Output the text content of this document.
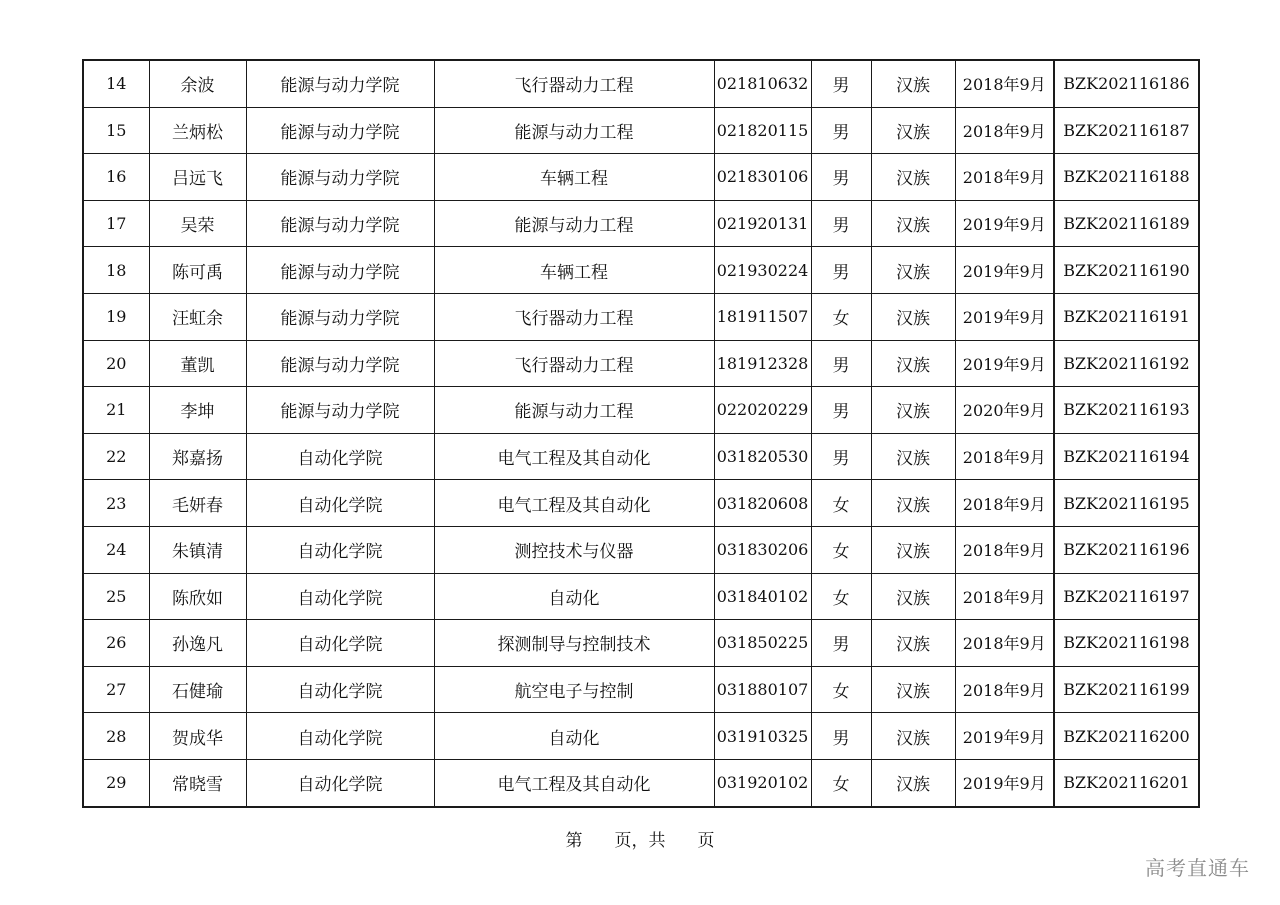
14	余波	能源与动力学院	飞行器动力工程	021810632	男	汉族	2018年9月	BZK202116186
15	兰炳松	能源与动力学院	能源与动力工程	021820115	男	汉族	2018年9月	BZK202116187
16	吕远飞	能源与动力学院	车辆工程	021830106	男	汉族	2018年9月	BZK202116188
17	吴荣	能源与动力学院	能源与动力工程	021920131	男	汉族	2019年9月	BZK202116189
18	陈可禹	能源与动力学院	车辆工程	021930224	男	汉族	2019年9月	BZK202116190
19	汪虹余	能源与动力学院	飞行器动力工程	181911507	女	汉族	2019年9月	BZK202116191
20	董凯	能源与动力学院	飞行器动力工程	181912328	男	汉族	2019年9月	BZK202116192
21	李坤	能源与动力学院	能源与动力工程	022020229	男	汉族	2020年9月	BZK202116193
22	郑嘉扬	自动化学院	电气工程及其自动化	031820530	男	汉族	2018年9月	BZK202116194
23	毛妍春	自动化学院	电气工程及其自动化	031820608	女	汉族	2018年9月	BZK202116195
24	朱镇清	自动化学院	测控技术与仪器	031830206	女	汉族	2018年9月	BZK202116196
25	陈欣如	自动化学院	自动化	031840102	女	汉族	2018年9月	BZK202116197
26	孙逸凡	自动化学院	探测制导与控制技术	031850225	男	汉族	2018年9月	BZK202116198
27	石健瑜	自动化学院	航空电子与控制	031880107	女	汉族	2018年9月	BZK202116199
28	贺成华	自动化学院	自动化	031910325	男	汉族	2019年9月	BZK202116200
29	常晓雪	自动化学院	电气工程及其自动化	031920102	女	汉族	2019年9月	BZK202116201
第 页，共 页
高考直通车
